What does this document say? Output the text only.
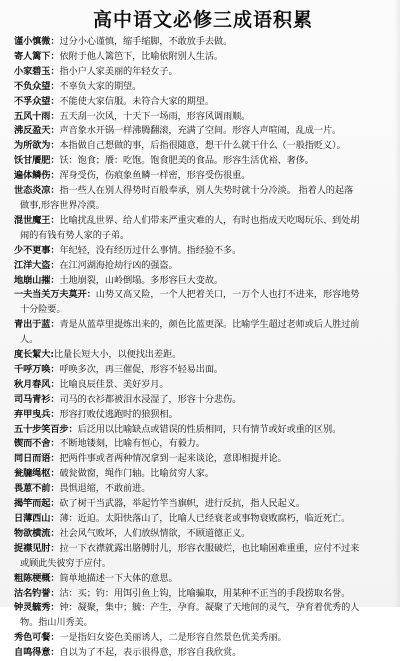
高中语文必修三成语积累
谨小慎微：过分小心谨慎，缩手缩脚，不敢放手去做。
寄人篱下：依附于他人篱笆下，比喻依附别人生活。
小家碧玉：指小户人家美丽的年轻女子。
不负众望：不辜负大家的期望。
不孚众望：不能使大家信服。未符合大家的期望。
五风十雨：五天刮一次风，十天下一场雨，形容风调雨顺。
沸反盈天：声音象水开锅一样沸腾翻滚，充满了空间。形容人声喧闹，乱成一片。
为所欲为：本指做自己想做的事，后指很随意，想干什么就干什么（一般指贬义）。
饫甘餍肥：饫：饱食；餍：吃饱。饱食肥美的食品。形容生活优裕、奢侈。
遍体鳞伤：浑身受伤，伤痕象鱼鳞一样密，形容受伤很重。
世态炎凉：指一些人在别人得势时百般奉承，别人失势时就十分冷淡。 指着人的起落
做事,形容世界冷漠。
混世魔王：比喻扰乱世界、给人们带来严重灾难的人，有时也指成天吃喝玩乐、到处胡
闹的有钱有势人家的子弟。
少不更事：年纪轻，没有经历过什么事情。指经验不多。
江洋大盗：在江河湖海抢劫行凶的强盗。
地崩山摧：土地崩裂，山岭倒塌。多形容巨大变故。
一夫当关万夫莫开：山势又高又险，一个人把着关口，一万个人也打不进来，形容地势
十分险要。
青出于蓝：青是从蓝草里提炼出来的，颜色比蓝更深。比喻学生超过老师或后人胜过前
人。
度长絜大:比量长短大小，以便找出差距。
千呼万唤：呼唤多次，再三催促，形容不轻易出面。
秋月春风：比喻良辰佳景、美好岁月。
司马青衫：司马的衣衫都被泪水浸湿了，形容十分悲伤。
弃甲曳兵：形容打败仗逃跑时的狼狈相。
五十步笑百步：后泛用以比喻缺点或错误的性质相同，只有情节或好或重的区别。
锲而不舍：不断地镂刻，比喻有恒心，有毅力。
同日而语：把两件事或者两种情况拿到一起来谈论，意即相提并论。
瓮牖绳枢：破瓮做窗，绳作门轴。比喻贫穷人家。
畏葸不前：畏惧退缩，不敢前进。
揭竿而起：砍了树干当武器，举起竹竿当旗帜，进行反抗，指人民起义。
日薄西山：薄：近迫。太阳快落山了，比喻人已经衰老或事物衰败腐朽，临近死亡。
物欲横流：社会风气败坏，人们放纵情欲，不顾道德正义。
捉襟见肘：拉一下衣襟就露出胳膊肘儿，形容衣服破烂，也比喻困难重重，应付不过来
或顾此失彼穷于应付。
粗陈梗概：简单地描述一下大体的意思。
沽名钓誉：沽：买；钓：用饵引鱼上钩，比喻骗取，用某种不正当的手段捞取名誉。
钟灵毓秀：钟：凝聚，集中；毓：产生，孕育。凝聚了天地间的灵气，孕育着优秀的人
物。指山川秀美。
秀色可餐：一是指妇女姿色美丽诱人，二是形容自然景色优美秀丽。
自鸣得意：自以为了不起，表示很得意，形容自我欣赏。
